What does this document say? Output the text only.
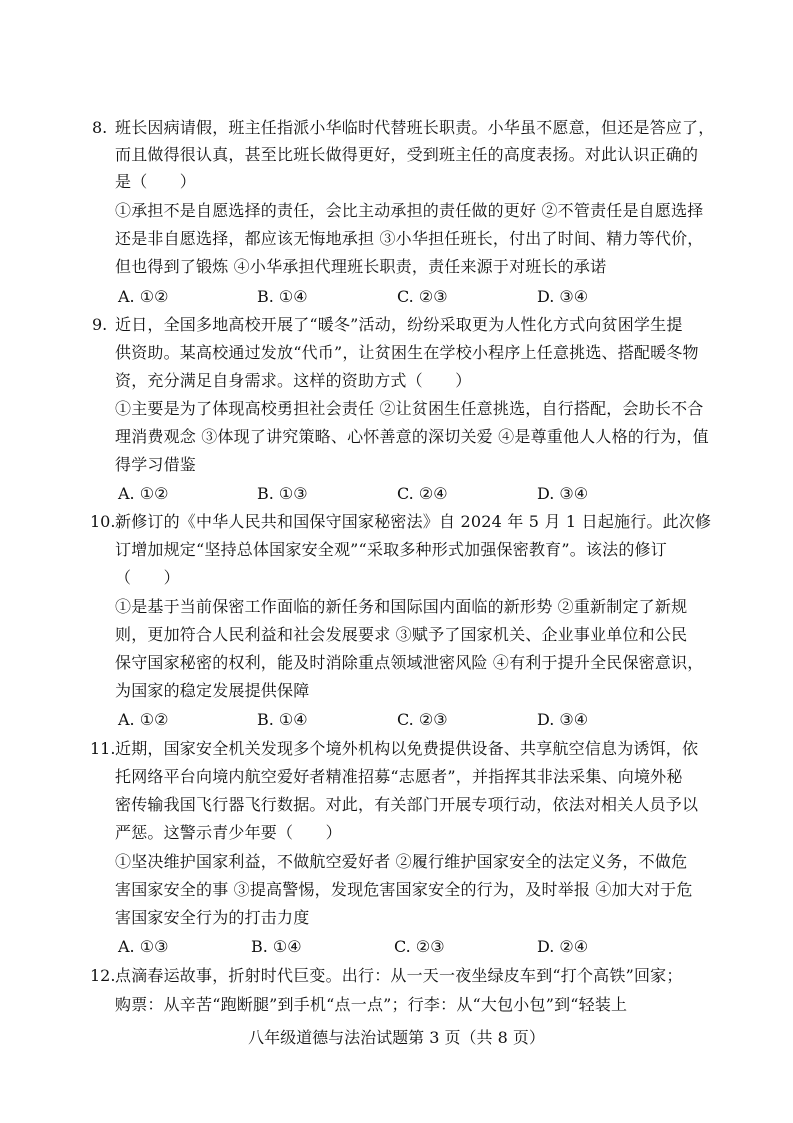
8. 班长因病请假，班主任指派小华临时代替班长职责。小华虽不愿意，但还是答应了，
而且做得很认真，甚至比班长做得更好，受到班主任的高度表扬。对此认识正确的
是（　　）
①承担不是自愿选择的责任，会比主动承担的责任做的更好 ②不管责任是自愿选择
还是非自愿选择，都应该无悔地承担 ③小华担任班长，付出了时间、精力等代价，
但也得到了锻炼 ④小华承担代理班长职责，责任来源于对班长的承诺
A. ①②	B. ①④	C. ②③	D. ③④
9. 近日，全国多地高校开展了“暖冬”活动，纷纷采取更为人性化方式向贫困学生提
供资助。某高校通过发放“代币”，让贫困生在学校小程序上任意挑选、搭配暖冬物
资，充分满足自身需求。这样的资助方式（　　）
①主要是为了体现高校勇担社会责任 ②让贫困生任意挑选，自行搭配，会助长不合
理消费观念 ③体现了讲究策略、心怀善意的深切关爱 ④是尊重他人人格的行为，值
得学习借鉴
A. ①②	B. ①③	C. ②④	D. ③④
10. 新修订的《中华人民共和国保守国家秘密法》自 2024 年 5 月 1 日起施行。此次修
订增加规定“坚持总体国家安全观”“采取多种形式加强保密教育”。该法的修订
（　　）
①是基于当前保密工作面临的新任务和国际国内面临的新形势 ②重新制定了新规
则，更加符合人民利益和社会发展要求 ③赋予了国家机关、企业事业单位和公民
保守国家秘密的权利，能及时消除重点领域泄密风险 ④有利于提升全民保密意识，
为国家的稳定发展提供保障
A. ①②	B. ①④	C. ②③	D. ③④
11. 近期，国家安全机关发现多个境外机构以免费提供设备、共享航空信息为诱饵，依
托网络平台向境内航空爱好者精准招募“志愿者”，并指挥其非法采集、向境外秘
密传输我国飞行器飞行数据。对此，有关部门开展专项行动，依法对相关人员予以
严惩。这警示青少年要（　　）
①坚决维护国家利益，不做航空爱好者 ②履行维护国家安全的法定义务，不做危
害国家安全的事 ③提高警惕，发现危害国家安全的行为，及时举报 ④加大对于危
害国家安全行为的打击力度
A. ①③	B. ①④	C. ②③	D. ②④
12. 点滴春运故事，折射时代巨变。出行：从一天一夜坐绿皮车到“打个高铁”回家；
购票：从辛苦“跑断腿”到手机“点一点”；行李：从“大包小包”到“轻装上
八年级道德与法治试题第 3 页（共 8 页）
